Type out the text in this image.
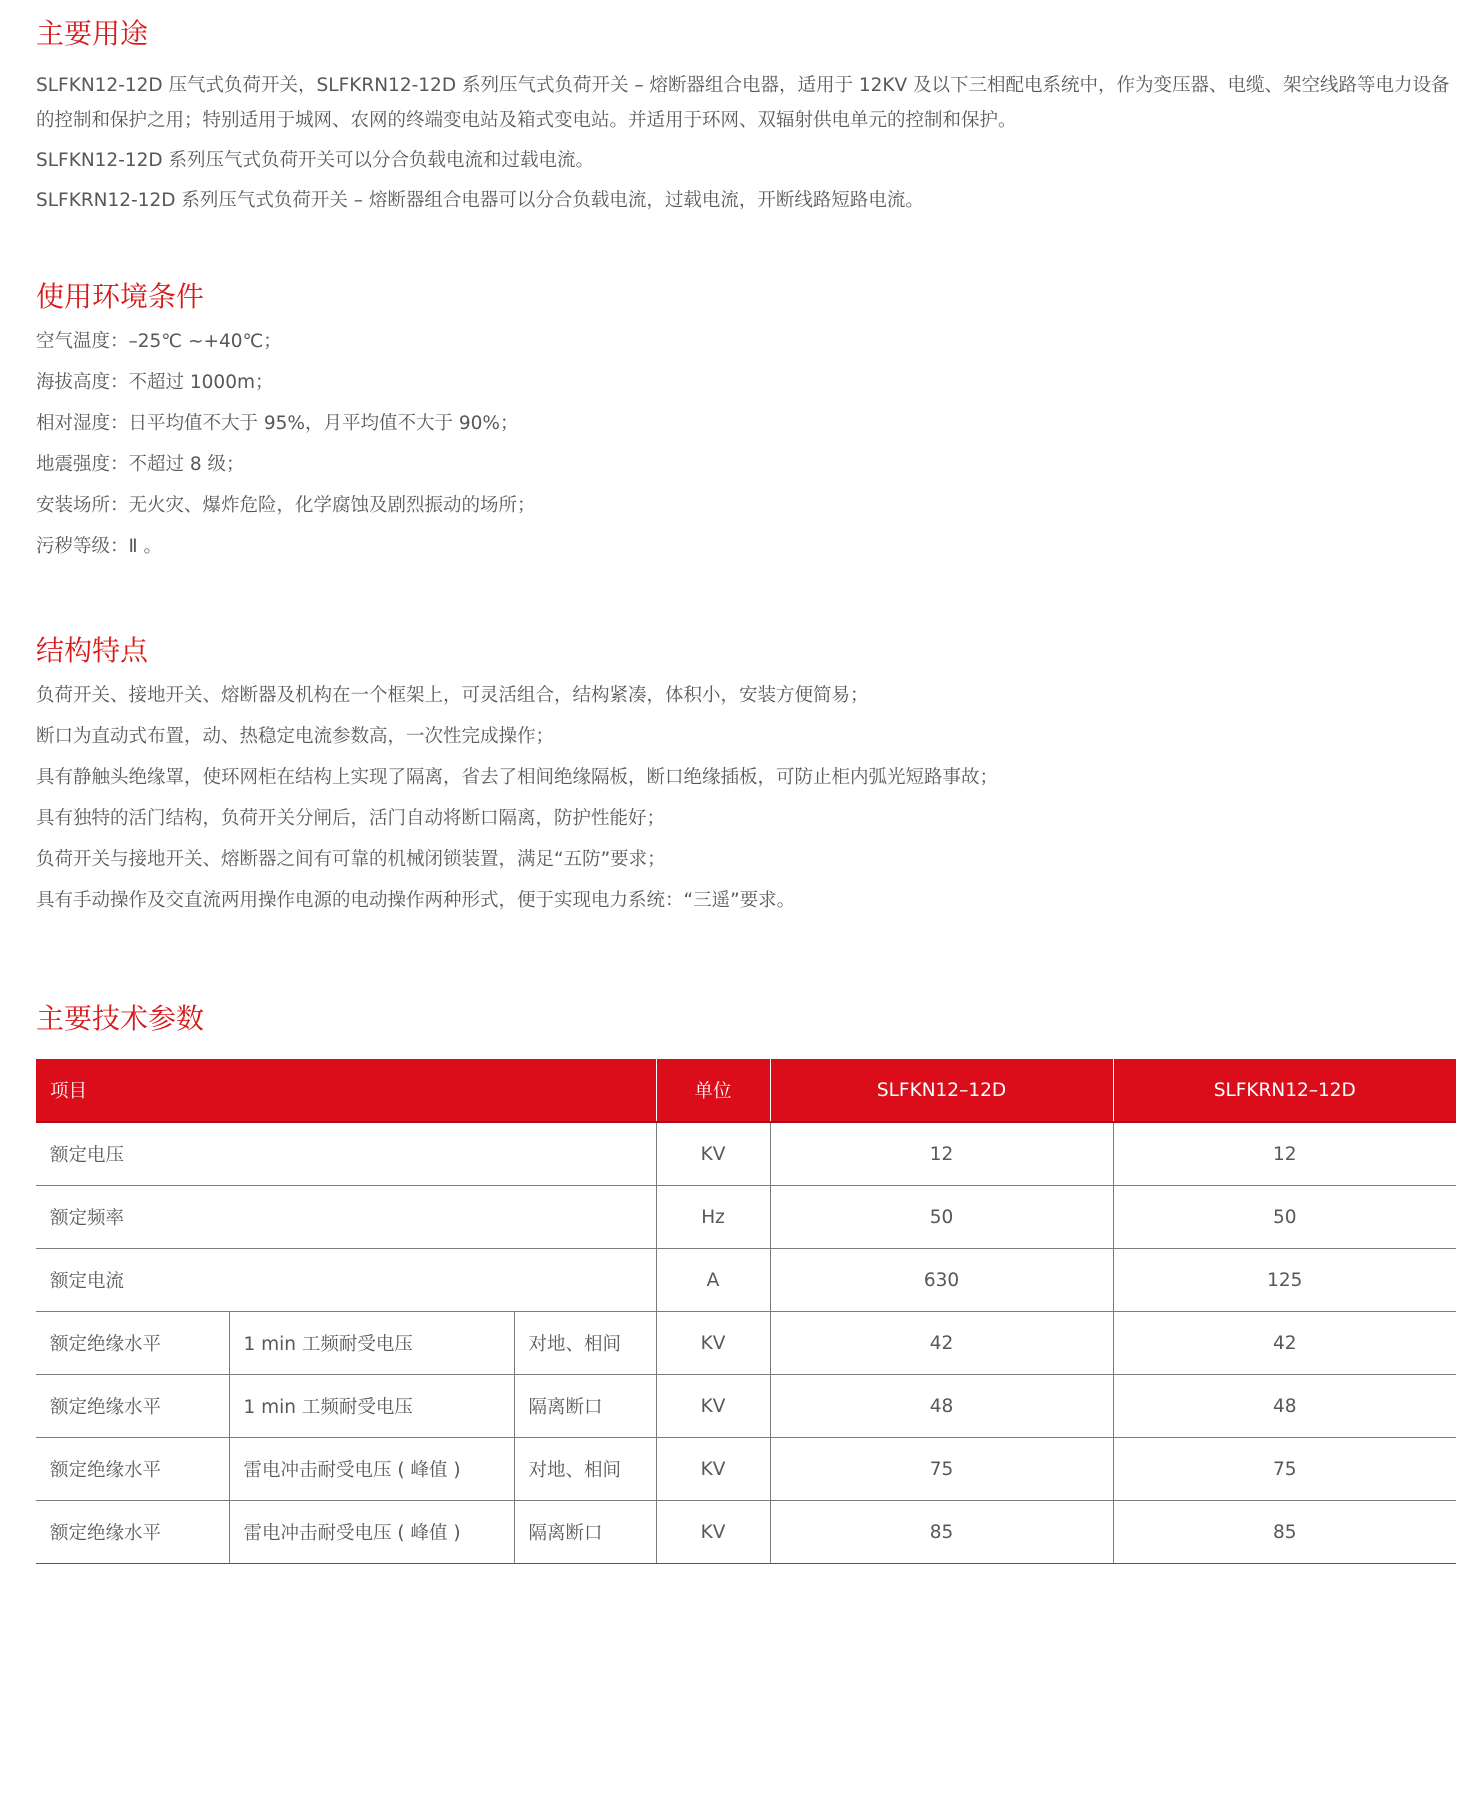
主要用途

SLFKN12-12D 压气式负荷开关，SLFKRN12-12D 系列压气式负荷开关 – 熔断器组合电器，适用于 12KV 及以下三相配电系统中，作为变压器、电缆、架空线路等电力设备的控制和保护之用；特别适用于城网、农网的终端变电站及箱式变电站。并适用于环网、双辐射供电单元的控制和保护。

SLFKN12-12D 系列压气式负荷开关可以分合负载电流和过载电流。

SLFKRN12-12D 系列压气式负荷开关 – 熔断器组合电器可以分合负载电流，过载电流，开断线路短路电流。

使用环境条件

空气温度：–25℃ ~+40℃；

海拔高度：不超过 1000m；

相对湿度：日平均值不大于 95%，月平均值不大于 90%；

地震强度：不超过 8 级；

安装场所：无火灾、爆炸危险，化学腐蚀及剧烈振动的场所；

污秽等级：Ⅱ 。

结构特点

负荷开关、接地开关、熔断器及机构在一个框架上，可灵活组合，结构紧凑，体积小，安装方便简易；

断口为直动式布置，动、热稳定电流参数高，一次性完成操作；

具有静触头绝缘罩，使环网柜在结构上实现了隔离，省去了相间绝缘隔板，断口绝缘插板，可防止柜内弧光短路事故；

具有独特的活门结构，负荷开关分闸后，活门自动将断口隔离，防护性能好；

负荷开关与接地开关、熔断器之间有可靠的机械闭锁装置，满足“五防”要求；

具有手动操作及交直流两用操作电源的电动操作两种形式，便于实现电力系统：“三遥”要求。

主要技术参数
项目			单位	SLFKN12–12D	SLFKRN12–12D
额定电压			KV	12	12
额定频率			Hz	50	50
额定电流			A	630	125
额定绝缘水平	1 min 工频耐受电压	对地、相间	KV	42	42
额定绝缘水平	1 min 工频耐受电压	隔离断口	KV	48	48
额定绝缘水平	雷电冲击耐受电压 ( 峰值 )	对地、相间	KV	75	75
额定绝缘水平	雷电冲击耐受电压 ( 峰值 )	隔离断口	KV	85	85
